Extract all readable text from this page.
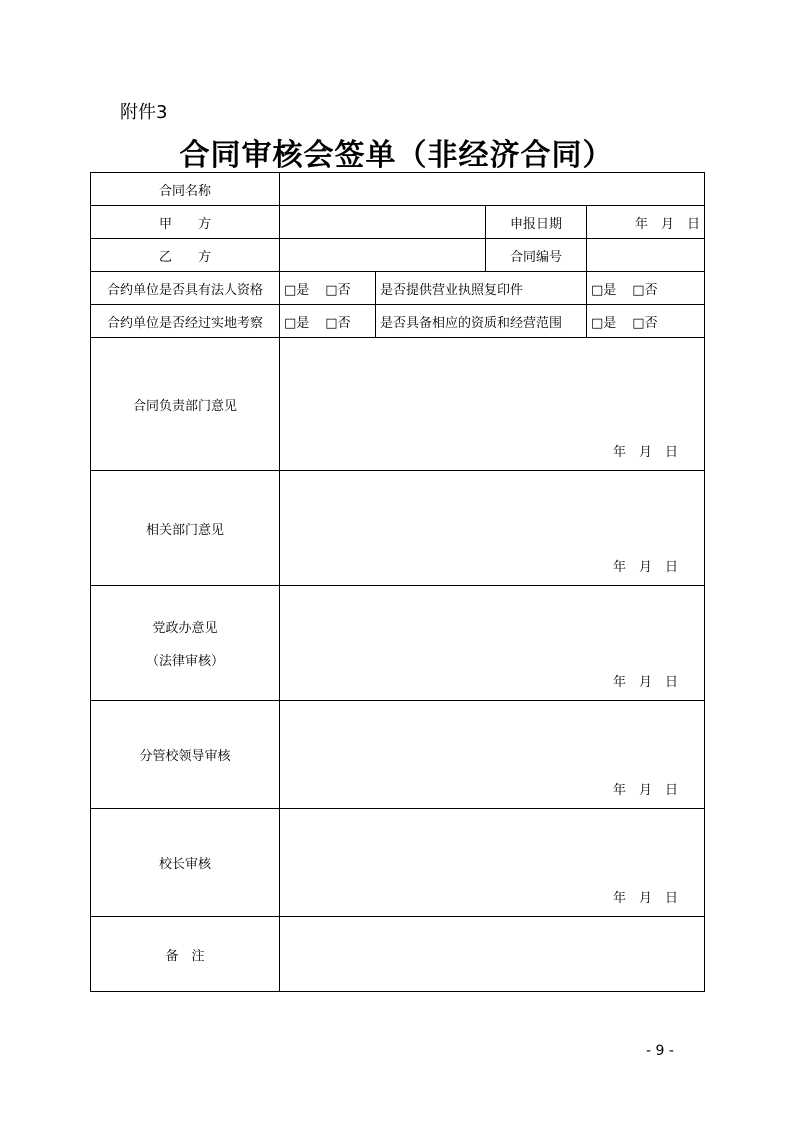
附件3
合同审核会签单（非经济合同）
合同名称				
甲　　方			申报日期	年　月　日
乙　　方			合同编号	
合约单位是否具有法人资格	□是 □否	是否提供营业执照复印件		□是 □否
合约单位是否经过实地考察	□是 □否	是否具备相应的资质和经营范围		□是 □否
合同负责部门意见	年　月　日			

相关部门意见	年　月　日			

党政办意见
（法律审核）	年　月　日			

分管校领导审核	年　月　日			

校长审核	年　月　日			

备　注				
- 9 -
